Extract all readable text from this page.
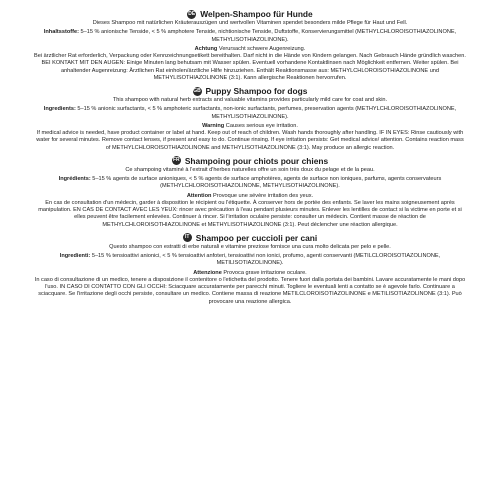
DE Welpen-Shampoo für Hunde

Dieses Shampoo mit natürlichen Kräuterauszügen und wertvollen Vitaminen spendet besonders milde Pflege für Haut und Fell.

Inhaltsstoffe: 5–15 % anionische Tenside, < 5 % amphotere Tenside, nichtionische Tenside, Duftstoffe, Konservierungsmittel (METHYLCHLOROISOTHIAZOLINONE, METHYLISOTHIAZOLINONE).

Achtung Verursacht schwere Augenreizung.

Bei ärztlicher Rat erforderlich, Verpackung oder Kennzeichnungsetikett bereithalten. Darf nicht in die Hände von Kindern gelangen. Nach Gebrauch Hände gründlich waschen. BEI KONTAKT MIT DEN AUGEN: Einige Minuten lang behutsam mit Wasser spülen. Eventuell vorhandene Kontaktlinsen nach Möglichkeit entfernen. Weiter spülen. Bei anhaltender Augenreizung: Ärztlichen Rat einholen/ärztliche Hilfe hinzuziehen. Enthält Reaktionsmasse aus: METHYLCHLOROISOTHIAZOLINONE und METHYLISOTHIAZOLINONE (3:1). Kann allergische Reaktionen hervorrufen.

GB Puppy Shampoo for dogs

This shampoo with natural herb extracts and valuable vitamins provides particularly mild care for coat and skin.

Ingredients: 5–15 % anionic surfactants, < 5 % amphoteric surfactants, non-ionic surfactants, perfumes, preservation agents (METHYLCHLOROISOTHIAZOLINONE, METHYLISOTHIAZOLINONE).

Warning Causes serious eye irritation.

If medical advice is needed, have product container or label at hand. Keep out of reach of children. Wash hands thoroughly after handling. IF IN EYES: Rinse cautiously with water for several minutes. Remove contact lenses, if present and easy to do. Continue rinsing. If eye irritation persists: Get medical advice/ attention. Contains reaction mass of METHYLCHLOROISOTHIAZOLINONE and METHYLISOTHIAZOLINONE (3:1). May produce an allergic reaction.

FR Shampoing pour chiots pour chiens

Ce shampoing vitaminé à l'extrait d'herbes naturelles offre un soin très doux du pelage et de la peau.

Ingrédients: 5–15 % agents de surface anioniques, < 5 % agents de surface amphotères, agents de surface non ioniques, parfums, agents conservateurs (METHYLCHLOROISOTHIAZOLINONE, METHYLISOTHIAZOLINONE).

Attention Provoque une sévère irritation des yeux.

En cas de consultation d'un médecin, garder à disposition le récipient ou l'étiquette. À conserver hors de portée des enfants. Se laver les mains soigneusement après manipulation. EN CAS DE CONTACT AVEC LES YEUX: rincer avec précaution à l'eau pendant plusieurs minutes. Enlever les lentilles de contact si la victime en porte et si elles peuvent être facilement enlevées. Continuer à rincer. Si l'irritation oculaire persiste: consulter un médecin. Contient masse de réaction de METHYLCHLOROISOTHIAZOLINONE et METHYLISOTHIAZOLINONE (3:1). Peut déclencher une réaction allergique.

IT Shampoo per cuccioli per cani

Questo shampoo con estratti di erbe naturali e vitamine preziose fornisce una cura molto delicata per pelo e pelle.

Ingredienti: 5–15 % tensioattivi anionici, < 5 % tensioattivi anfoteri, tensioattivi non ionici, profumo, agenti conservanti (METILCLOROISOTIAZOLINONE, METILISOTIAZOLINONE).

Attenzione Provoca grave irritazione oculare.

In caso di consultazione di un medico, tenere a disposizione il contenitore o l'etichetta del prodotto. Tenere fuori dalla portata dei bambini. Lavare accuratamente le mani dopo l'uso. IN CASO DI CONTATTO CON GLI OCCHI: Sciacquare accuratamente per parecchi minuti. Togliere le eventuali lenti a contatto se è agevole farlo. Continuare a sciacquare. Se l'irritazione degli occhi persiste, consultare un medico. Contiene massa di reazione METILCLOROISOTIAZOLINONE e METILISOTIAZOLINONE (3:1). Può provocare una reazione allergica.
